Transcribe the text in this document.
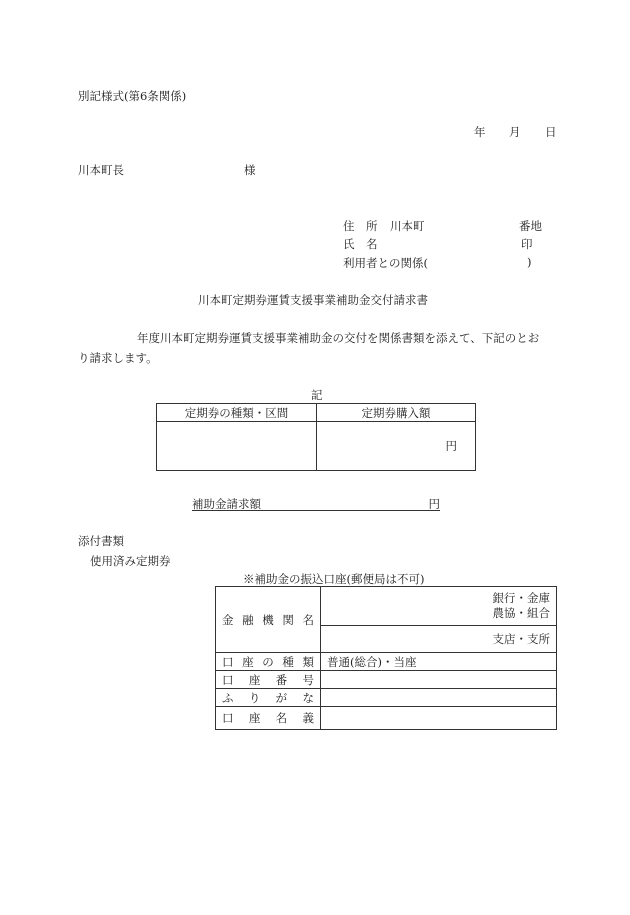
別記様式(第6条関係)
年 月 日
川本町長	様
住　所 川本町	番地
氏　名	印
利用者との関係(	)
川本町定期券運賃支援事業補助金交付請求書
年度川本町定期券運賃支援事業補助金の交付を関係書類を添えて、下記のとお
り請求します。
記
定期券の種類・区間	定期券購入額
	円
補助金請求額	円
添付書類
使用済み定期券
※補助金の振込口座(郵便局は不可)
金融機関名	銀行・金庫
農協・組合

	支店・支所
口座の種類	普通(総合)・当座
口座番号	
ふりがな	
口座名義	
